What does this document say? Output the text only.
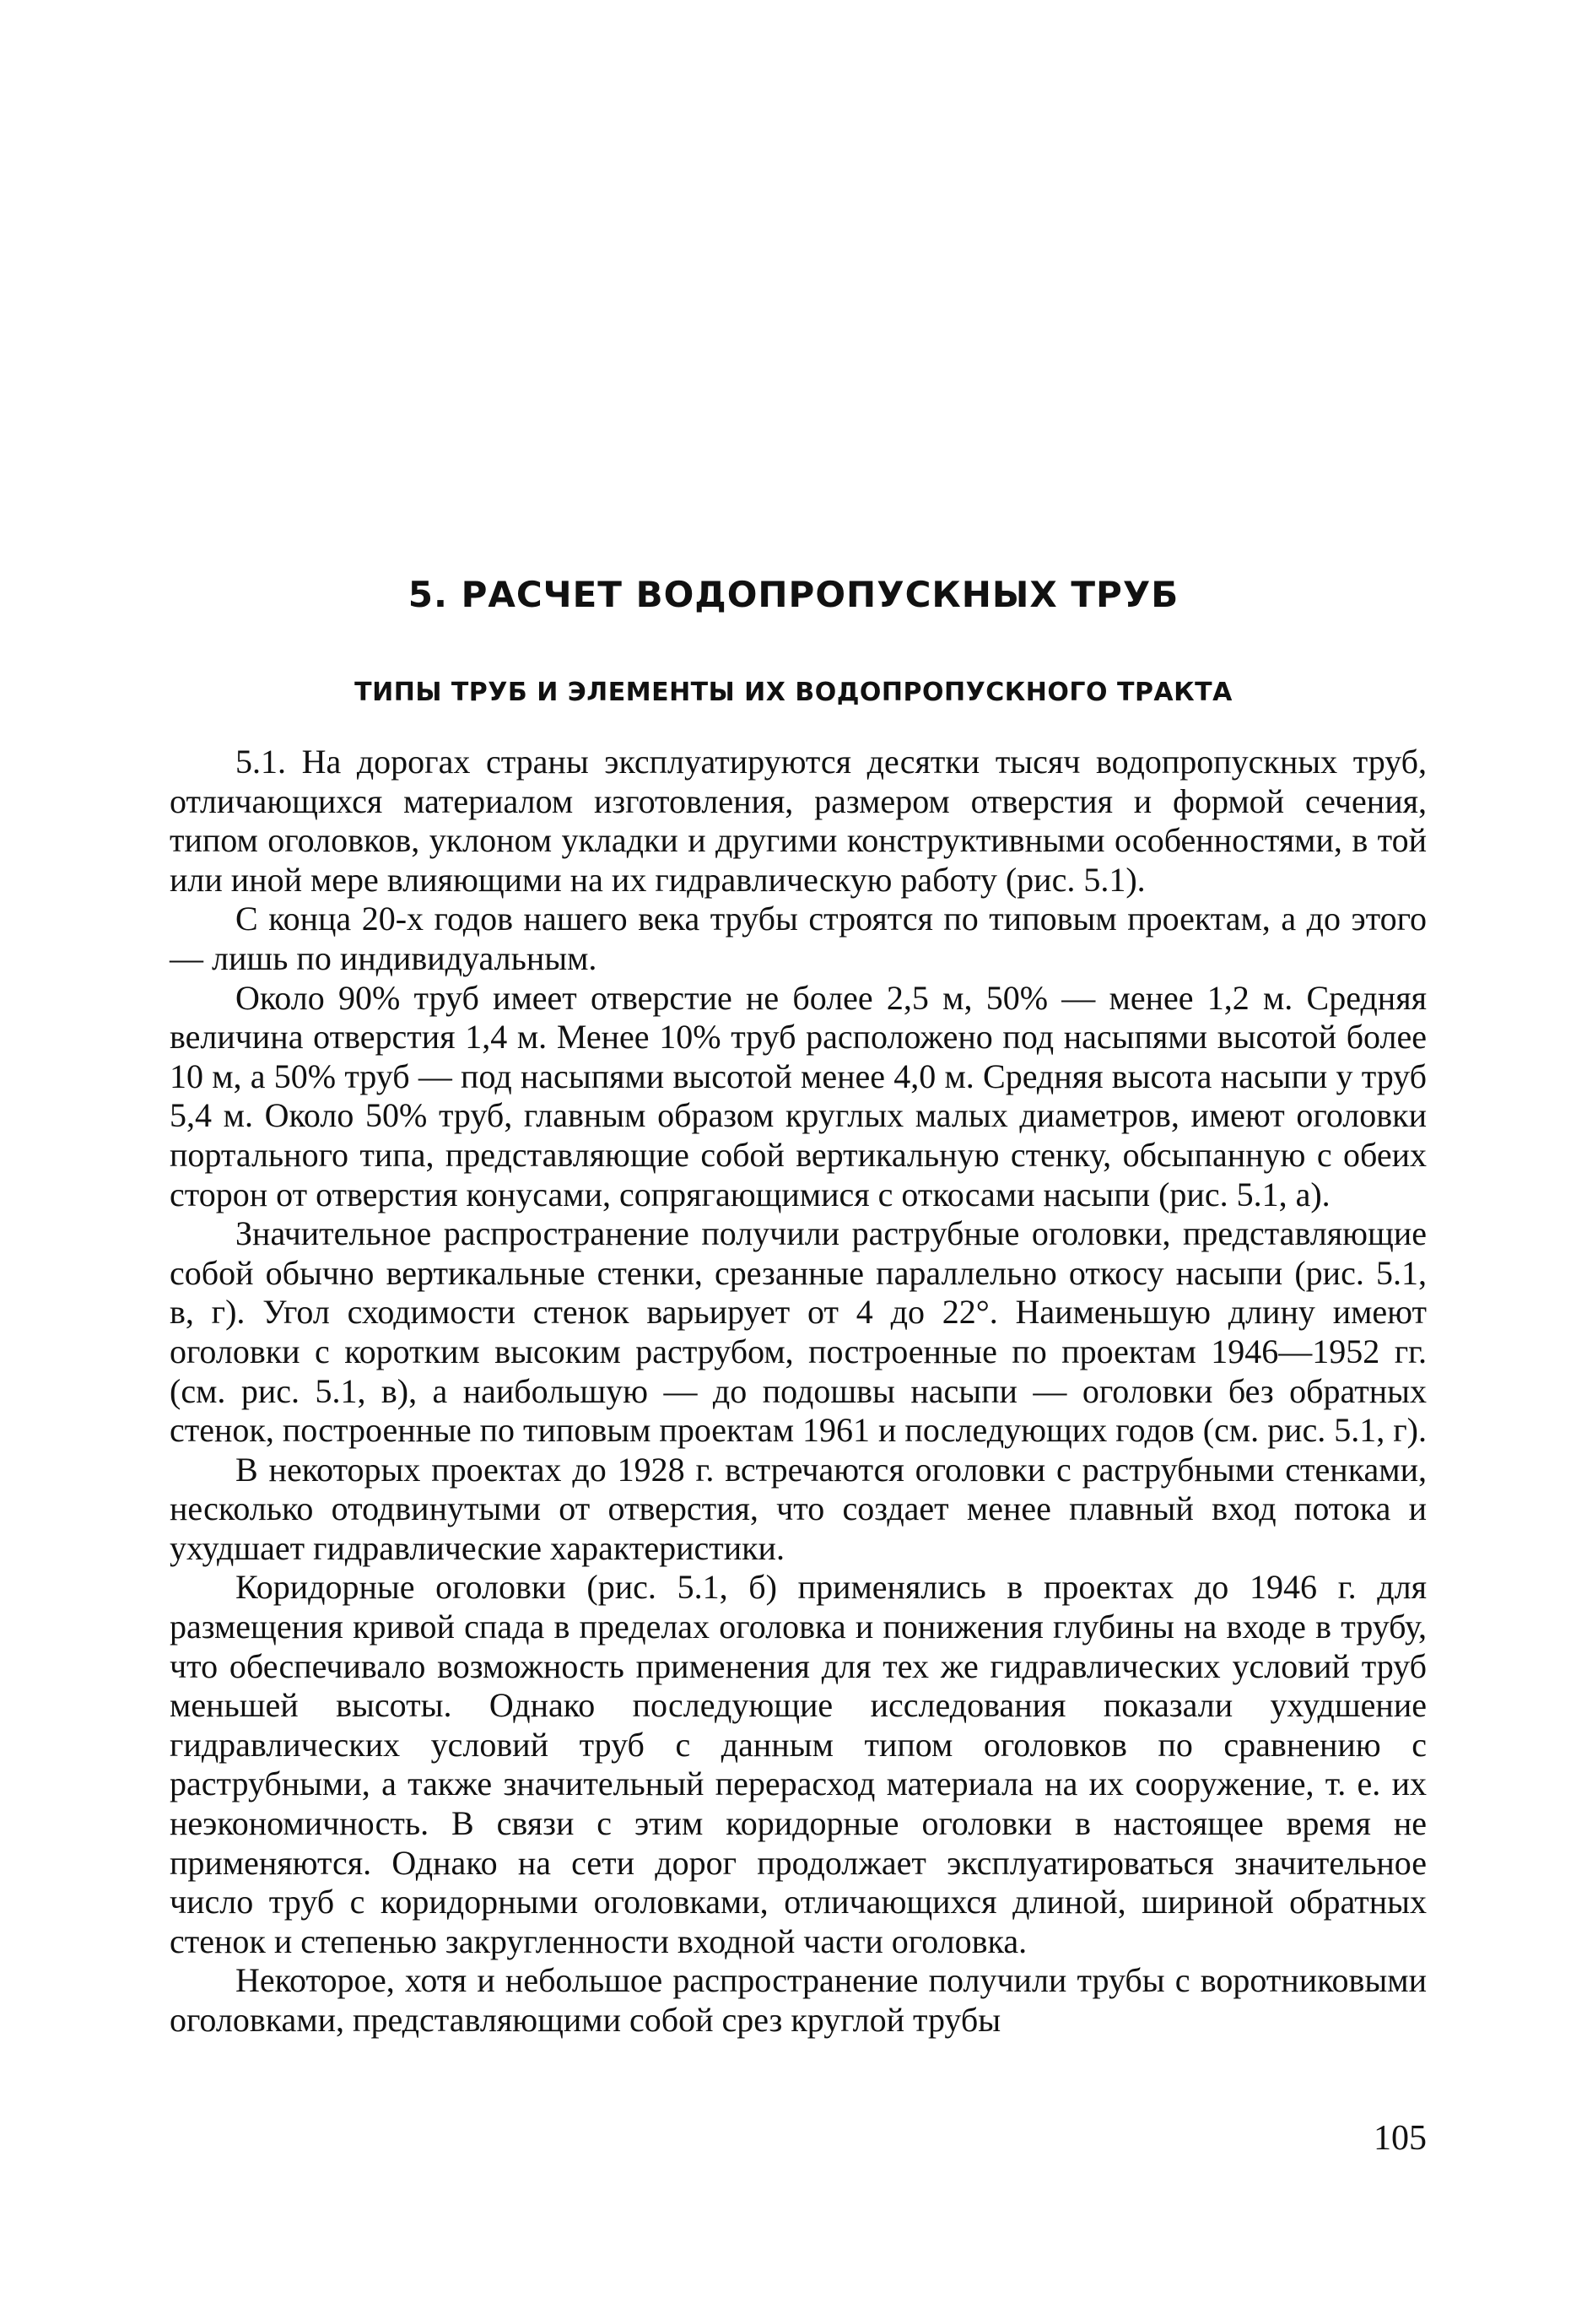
5. РАСЧЕТ ВОДОПРОПУСКНЫХ ТРУБ
ТИПЫ ТРУБ И ЭЛЕМЕНТЫ ИХ ВОДОПРОПУСКНОГО ТРАКТА

5.1. На дорогах страны эксплуатируются десятки тысяч водопропускных труб, отличающихся материалом изготовления, размером отверстия и формой сечения, типом оголовков, уклоном укладки и другими конструктивными особенностями, в той или иной мере влияющими на их гидравлическую работу (рис. 5.1).

С конца 20-х годов нашего века трубы строятся по типовым проектам, а до этого — лишь по индивидуальным.

Около 90% труб имеет отверстие не более 2,5 м, 50% — менее 1,2 м. Средняя величина отверстия 1,4 м. Менее 10% труб расположено под насыпями высотой более 10 м, а 50% труб — под насыпями высотой менее 4,0 м. Средняя высота насыпи у труб 5,4 м. Около 50% труб, главным образом круглых малых диаметров, имеют оголовки портального типа, представляющие собой вертикальную стенку, обсыпанную с обеих сторон от отверстия конусами, сопрягающимися с откосами насыпи (рис. 5.1, а).

Значительное распространение получили раструбные оголовки, представляющие собой обычно вертикальные стенки, срезанные параллельно откосу насыпи (рис. 5.1, в, г). Угол сходимости стенок варьирует от 4 до 22°. Наименьшую длину имеют оголовки с коротким высоким раструбом, построенные по проектам 1946—1952 гг. (см. рис. 5.1, в), а наибольшую — до подошвы насыпи — оголовки без обратных стенок, построенные по типовым проектам 1961 и последующих годов (см. рис. 5.1, г).

В некоторых проектах до 1928 г. встречаются оголовки с раструбными стенками, несколько отодвинутыми от отверстия, что создает менее плавный вход потока и ухудшает гидравлические характеристики.

Коридорные оголовки (рис. 5.1, б) применялись в проектах до 1946 г. для размещения кривой спада в пределах оголовка и понижения глубины на входе в трубу, что обеспечивало возможность применения для тех же гидравлических условий труб меньшей высоты. Однако последующие исследования показали ухудшение гидравлических условий труб с данным типом оголовков по сравнению с раструбными, а также значительный перерасход материала на их сооружение, т. е. их неэкономичность. В связи с этим коридорные оголовки в настоящее время не применяются. Однако на сети дорог продолжает эксплуатироваться значительное число труб с коридорными оголовками, отличающихся длиной, шириной обратных стенок и степенью закругленности входной части оголовка.

Некоторое, хотя и небольшое распространение получили трубы с воротниковыми оголовками, представляющими собой срез круглой трубы

105
